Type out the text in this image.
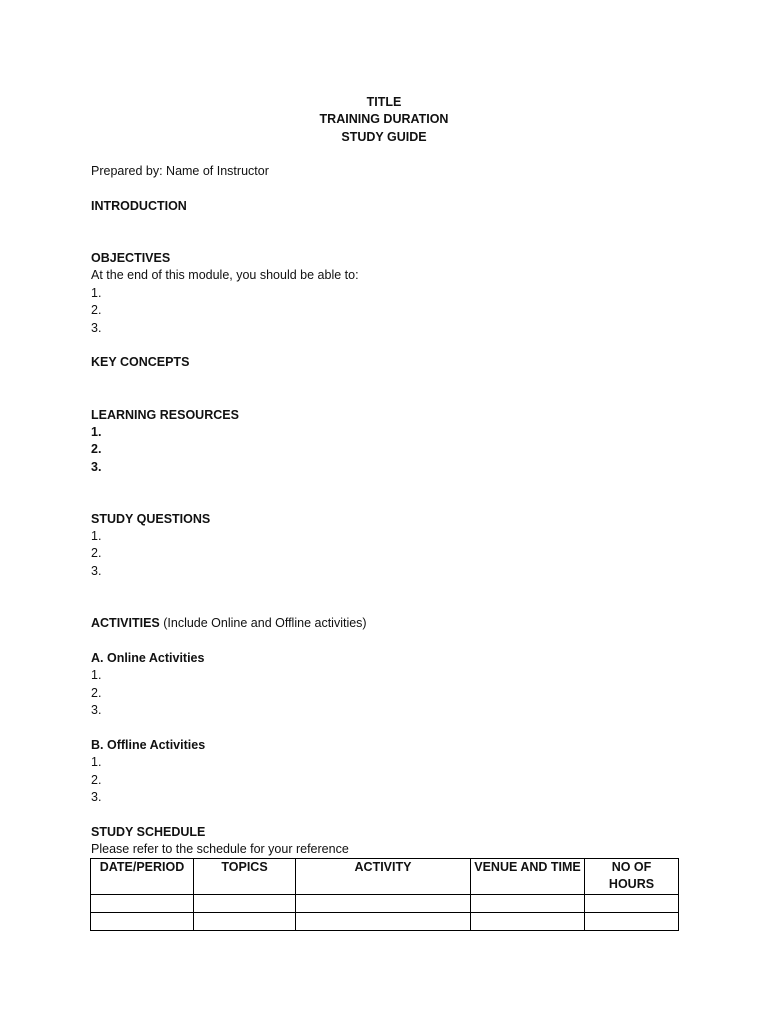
TITLE
TRAINING DURATION
STUDY GUIDE
Prepared by: Name of Instructor
INTRODUCTION
OBJECTIVES
At the end of this module, you should be able to:
1.
2.
3.
KEY CONCEPTS
LEARNING RESOURCES
1.
2.
3.
STUDY QUESTIONS
1.
2.
3.
ACTIVITIES (Include Online and Offline activities)
A. Online Activities
1.
2.
3.
B. Offline Activities
1.
2.
3.
STUDY SCHEDULE
Please refer to the schedule for your reference
DATE/PERIOD	TOPICS	ACTIVITY	VENUE AND TIME	NO OF HOURS
